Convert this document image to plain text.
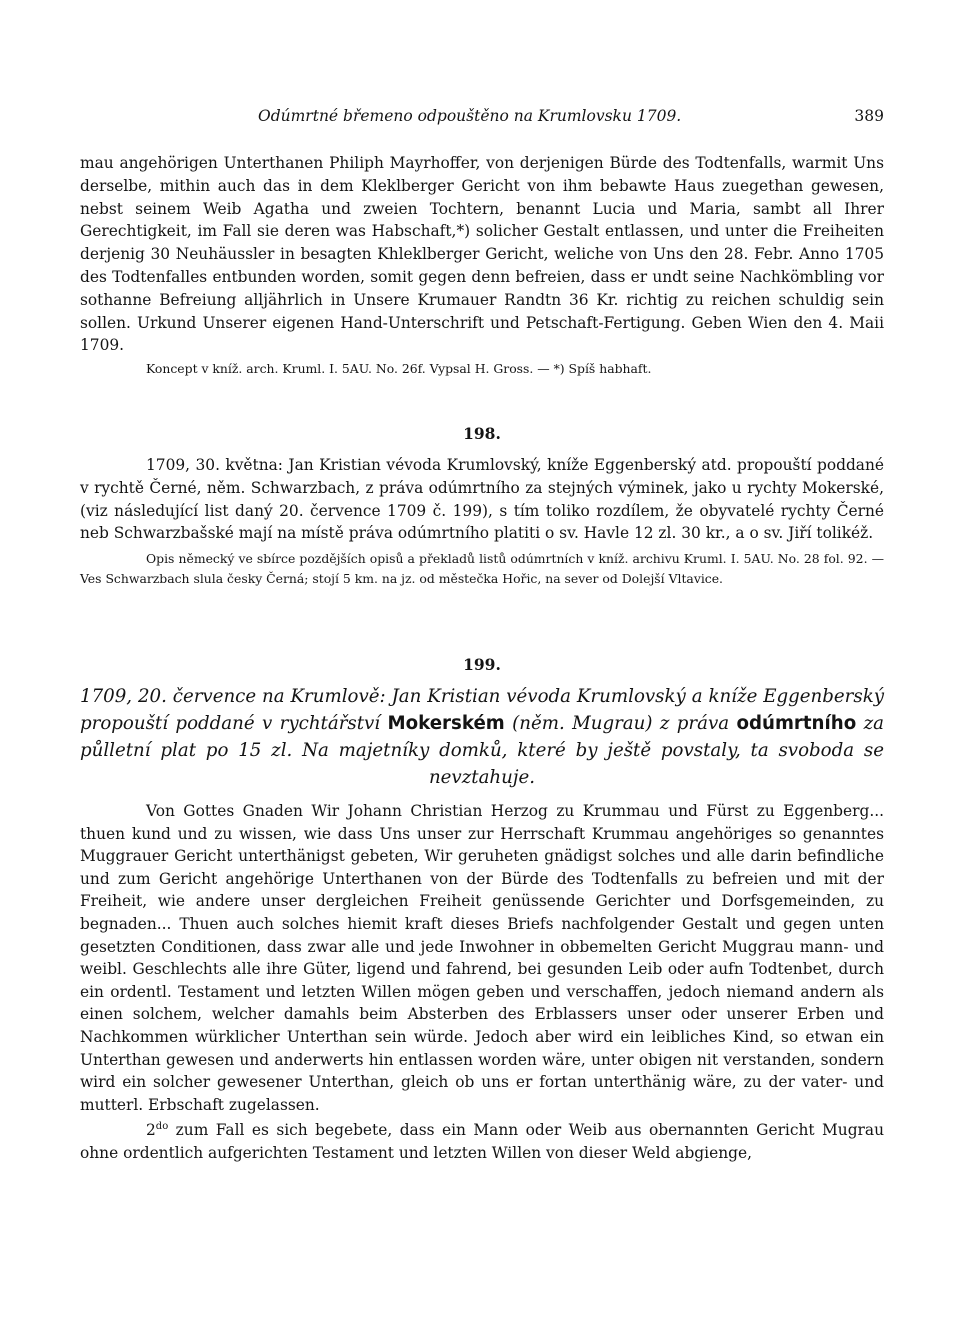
Odúmrtné břemeno odpouštěno na Krumlovsku 1709.	389

mau angehörigen Unterthanen Philiph Mayrhoffer, von derjenigen Bürde des Todtenfalls, warmit Uns derselbe, mithin auch das in dem Kleklberger Gericht von ihm bebawte Haus zuegethan gewesen, nebst seinem Weib Agatha und zweien Tochtern, benannt Lucia und Maria, sambt all Ihrer Gerechtigkeit, im Fall sie deren was Habschaft,*) solicher Gestalt entlassen, und unter die Freiheiten derjenig 30 Neuhäussler in besagten Khleklberger Gericht, weliche von Uns den 28. Febr. Anno 1705 des Todtenfalles entbunden worden, somit gegen denn befreien, dass er undt seine Nachkömbling vor sothanne Befreiung alljährlich in Unsere Krumauer Randtn 36 Kr. richtig zu reichen schuldig sein sollen. Urkund Unserer eigenen Hand-Unterschrift und Petschaft-Fertigung. Geben Wien den 4. Maii 1709.

Koncept v kníž. arch. Kruml. I. 5AU. No. 26f. Vypsal H. Gross. — *) Spíš habhaft.

198.

1709, 30. května: Jan Kristian vévoda Krumlovský, kníže Eggenberský atd. propouští poddané v rychtě Černé, něm. Schwarzbach, z práva odúmrtního za stejných výminek, jako u rychty Mokerské, (viz následující list daný 20. července 1709 č. 199), s tím toliko rozdílem, že obyvatelé rychty Černé neb Schwarzbašské mají na místě práva odúmrtního platiti o sv. Havle 12 zl. 30 kr., a o sv. Jiří tolikéž.

Opis německý ve sbírce pozdějších opisů a překladů listů odúmrtních v kníž. archivu Kruml. I. 5AU. No. 28 fol. 92. — Ves Schwarzbach slula česky Černá; stojí 5 km. na jz. od městečka Hořic, na sever od Dolejší Vltavice.

199.

1709, 20. července na Krumlově: Jan Kristian vévoda Krumlovský a kníže Eggenberský propouští poddané v rychtářství Mokerském (něm. Mugrau) z práva odúmrtního za půlletní plat po 15 zl. Na majetníky domků, které by ještě povstaly, ta svoboda se nevztahuje.

Von Gottes Gnaden Wir Johann Christian Herzog zu Krummau und Fürst zu Eggenberg... thuen kund und zu wissen, wie dass Uns unser zur Herrschaft Krummau angehöriges so genanntes Muggrauer Gericht unterthänigst gebeten, Wir geruheten gnädigst solches und alle darin befindliche und zum Gericht angehörige Unterthanen von der Bürde des Todtenfalls zu befreien und mit der Freiheit, wie andere unser dergleichen Freiheit genüssende Gerichter und Dorfsgemeinden, zu begnaden... Thuen auch solches hiemit kraft dieses Briefs nachfolgender Gestalt und gegen unten gesetzten Conditionen, dass zwar alle und jede Inwohner in obbemelten Gericht Muggrau mann- und weibl. Geschlechts alle ihre Güter, ligend und fahrend, bei gesunden Leib oder aufn Todtenbet, durch ein ordentl. Testament und letzten Willen mögen geben und verschaffen, jedoch niemand andern als einen solchem, welcher damahls beim Absterben des Erblassers unser oder unserer Erben und Nachkommen würklicher Unterthan sein würde. Jedoch aber wird ein leibliches Kind, so etwan ein Unterthan gewesen und anderwerts hin entlassen worden wäre, unter obigen nit verstanden, sondern wird ein solcher gewesener Unterthan, gleich ob uns er fortan unterthänig wäre, zu der vater- und mutterl. Erbschaft zugelassen.

$2^{do}$ zum Fall es sich begebete, dass ein Mann oder Weib aus obernannten Gericht Mugrau ohne ordentlich aufgerichten Testament und letzten Willen von dieser Weld abgienge,
